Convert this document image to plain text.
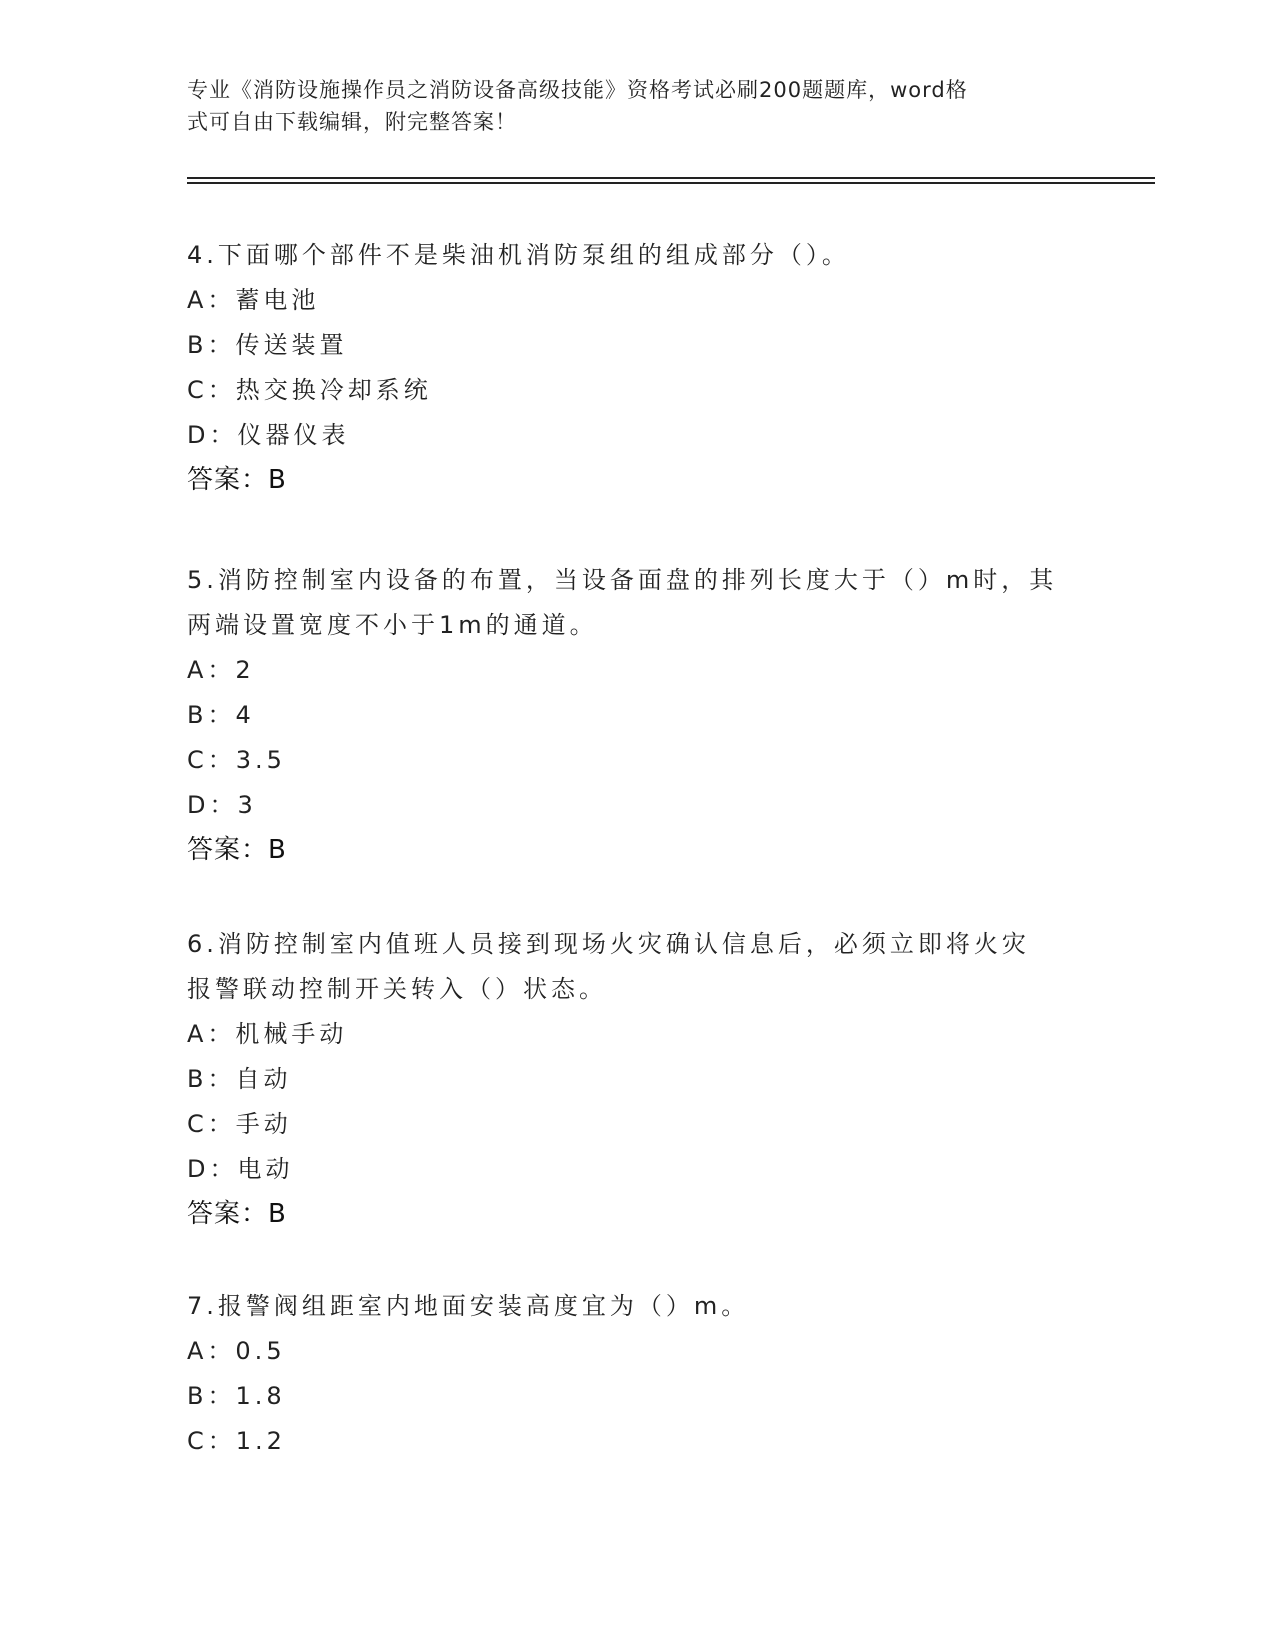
专业《消防设施操作员之消防设备高级技能》资格考试必刷200题题库，word格
式可自由下载编辑，附完整答案！

4.下面哪个部件不是柴油机消防泵组的组成部分（）。

A：蓄电池

B：传送装置

C：热交换冷却系统

D：仪器仪表

答案：B

5.消防控制室内设备的布置，当设备面盘的排列长度大于（）m时，其

两端设置宽度不小于1m的通道。

A：2

B：4

C：3.5

D：3

答案：B

6.消防控制室内值班人员接到现场火灾确认信息后，必须立即将火灾

报警联动控制开关转入（）状态。

A：机械手动

B：自动

C：手动

D：电动

答案：B

7.报警阀组距室内地面安装高度宜为（）m。

A：0.5

B：1.8

C：1.2
